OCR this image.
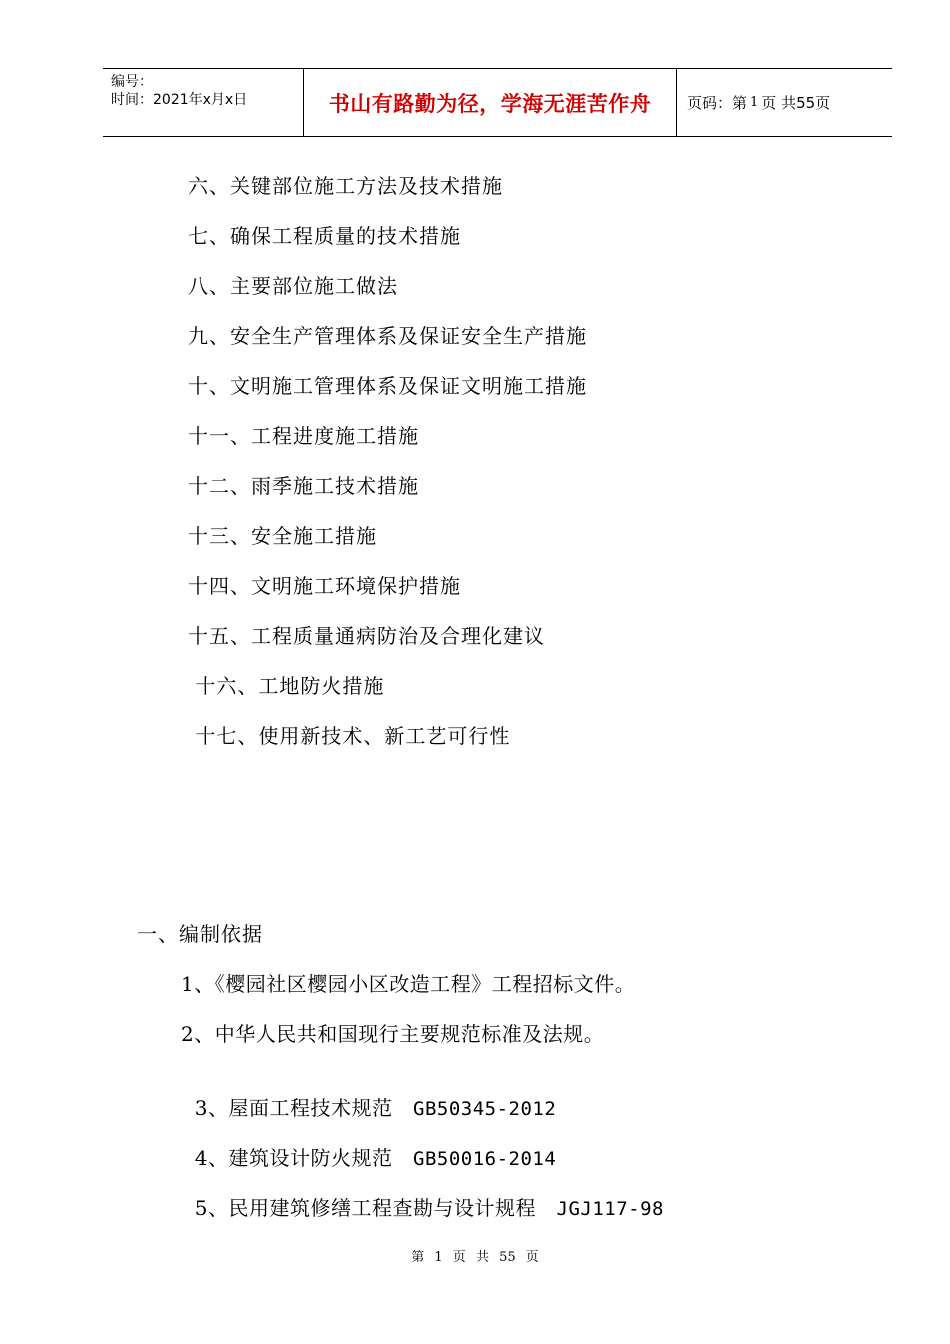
编号：
时间：2021年x月x日	书山有路勤为径，学海无涯苦作舟 页码：第 1 页 共 55 页
六、关键部位施工方法及技术措施
七、确保工程质量的技术措施
八、主要部位施工做法
九、安全生产管理体系及保证安全生产措施
十、文明施工管理体系及保证文明施工措施
十一、工程进度施工措施
十二、雨季施工技术措施
十三、安全施工措施
十四、文明施工环境保护措施
十五、工程质量通病防治及合理化建议
十六、工地防火措施
十七、使用新技术、新工艺可行性
一、编制依据
1、《樱园社区樱园小区改造工程》工程招标文件。
2、中华人民共和国现行主要规范标准及法规。

3、屋面工程技术规范   GB50345-2012

4、建筑设计防火规范   GB50016-2014

5、民用建筑修缮工程查勘与设计规程   JGJ117-98

第 1 页 共 55 页
